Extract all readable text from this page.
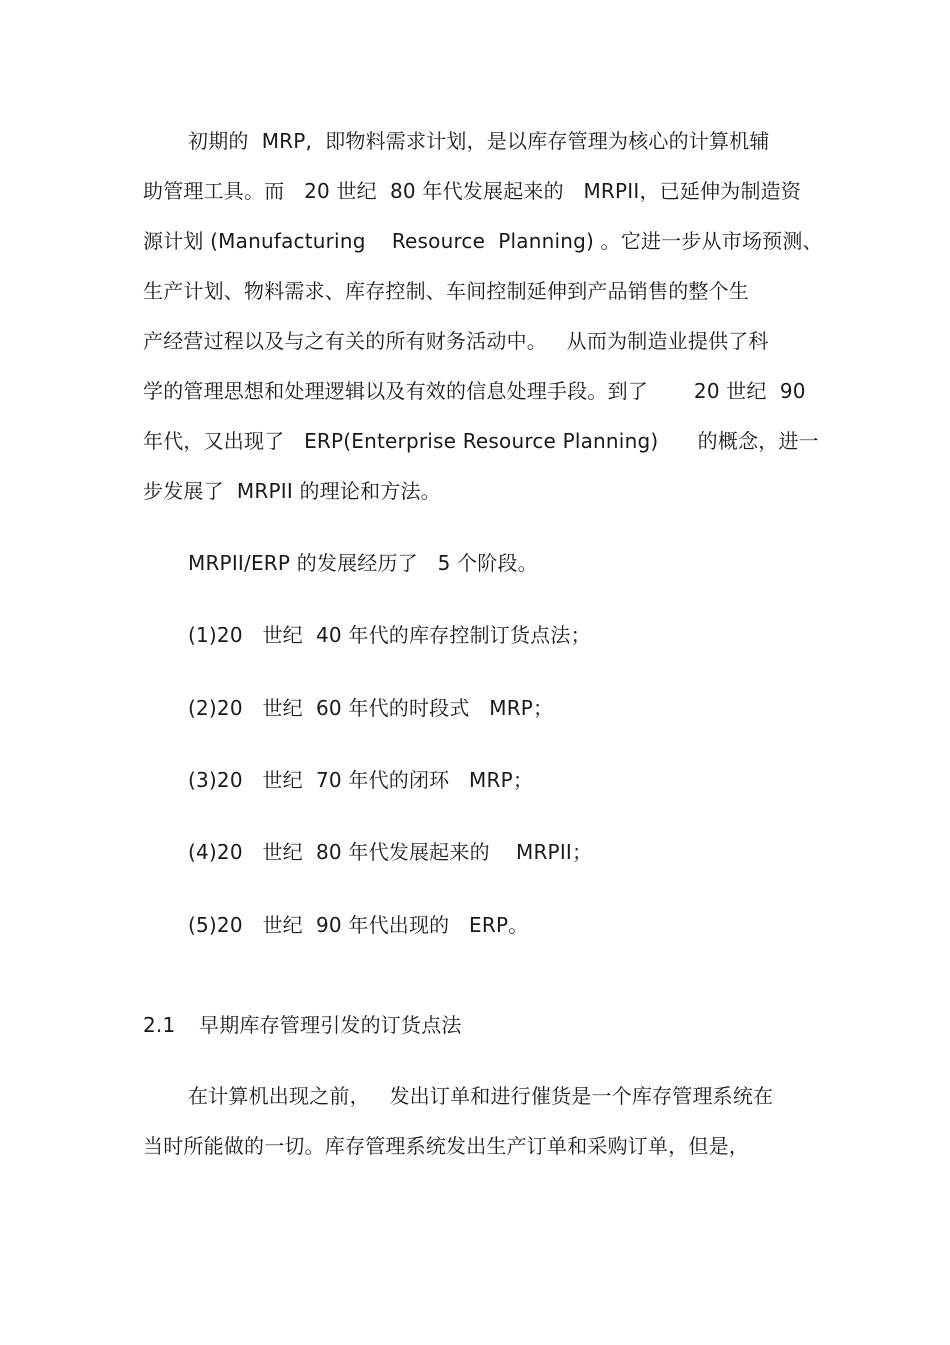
初期的  MRP,  即物料需求计划，是以库存管理为核心的计算机辅
助管理工具。而   20 世纪  80 年代发展起来的   MRPII，已延伸为制造资
源计划 (Manufacturing    Resource  Planning) 。它进一步从市场预测、
生产计划、物料需求、库存控制、车间控制延伸到产品销售的整个生
产经营过程以及与之有关的所有财务活动中。   从而为制造业提供了科
学的管理思想和处理逻辑以及有效的信息处理手段。到了       20 世纪  90
年代，又出现了   ERP(Enterprise Resource Planning)      的概念，进一
步发展了  MRPII 的理论和方法。
MRPII/ERP 的发展经历了   5 个阶段。
(1)20   世纪  40 年代的库存控制订货点法；
(2)20   世纪  60 年代的时段式   MRP；
(3)20   世纪  70 年代的闭环   MRP；
(4)20   世纪  80 年代发展起来的    MRPII；
(5)20   世纪  90 年代出现的   ERP。
2.1 早期库存管理引发的订货点法
在计算机出现之前，   发出订单和进行催货是一个库存管理系统在
当时所能做的一切。库存管理系统发出生产订单和采购订单，但是，
